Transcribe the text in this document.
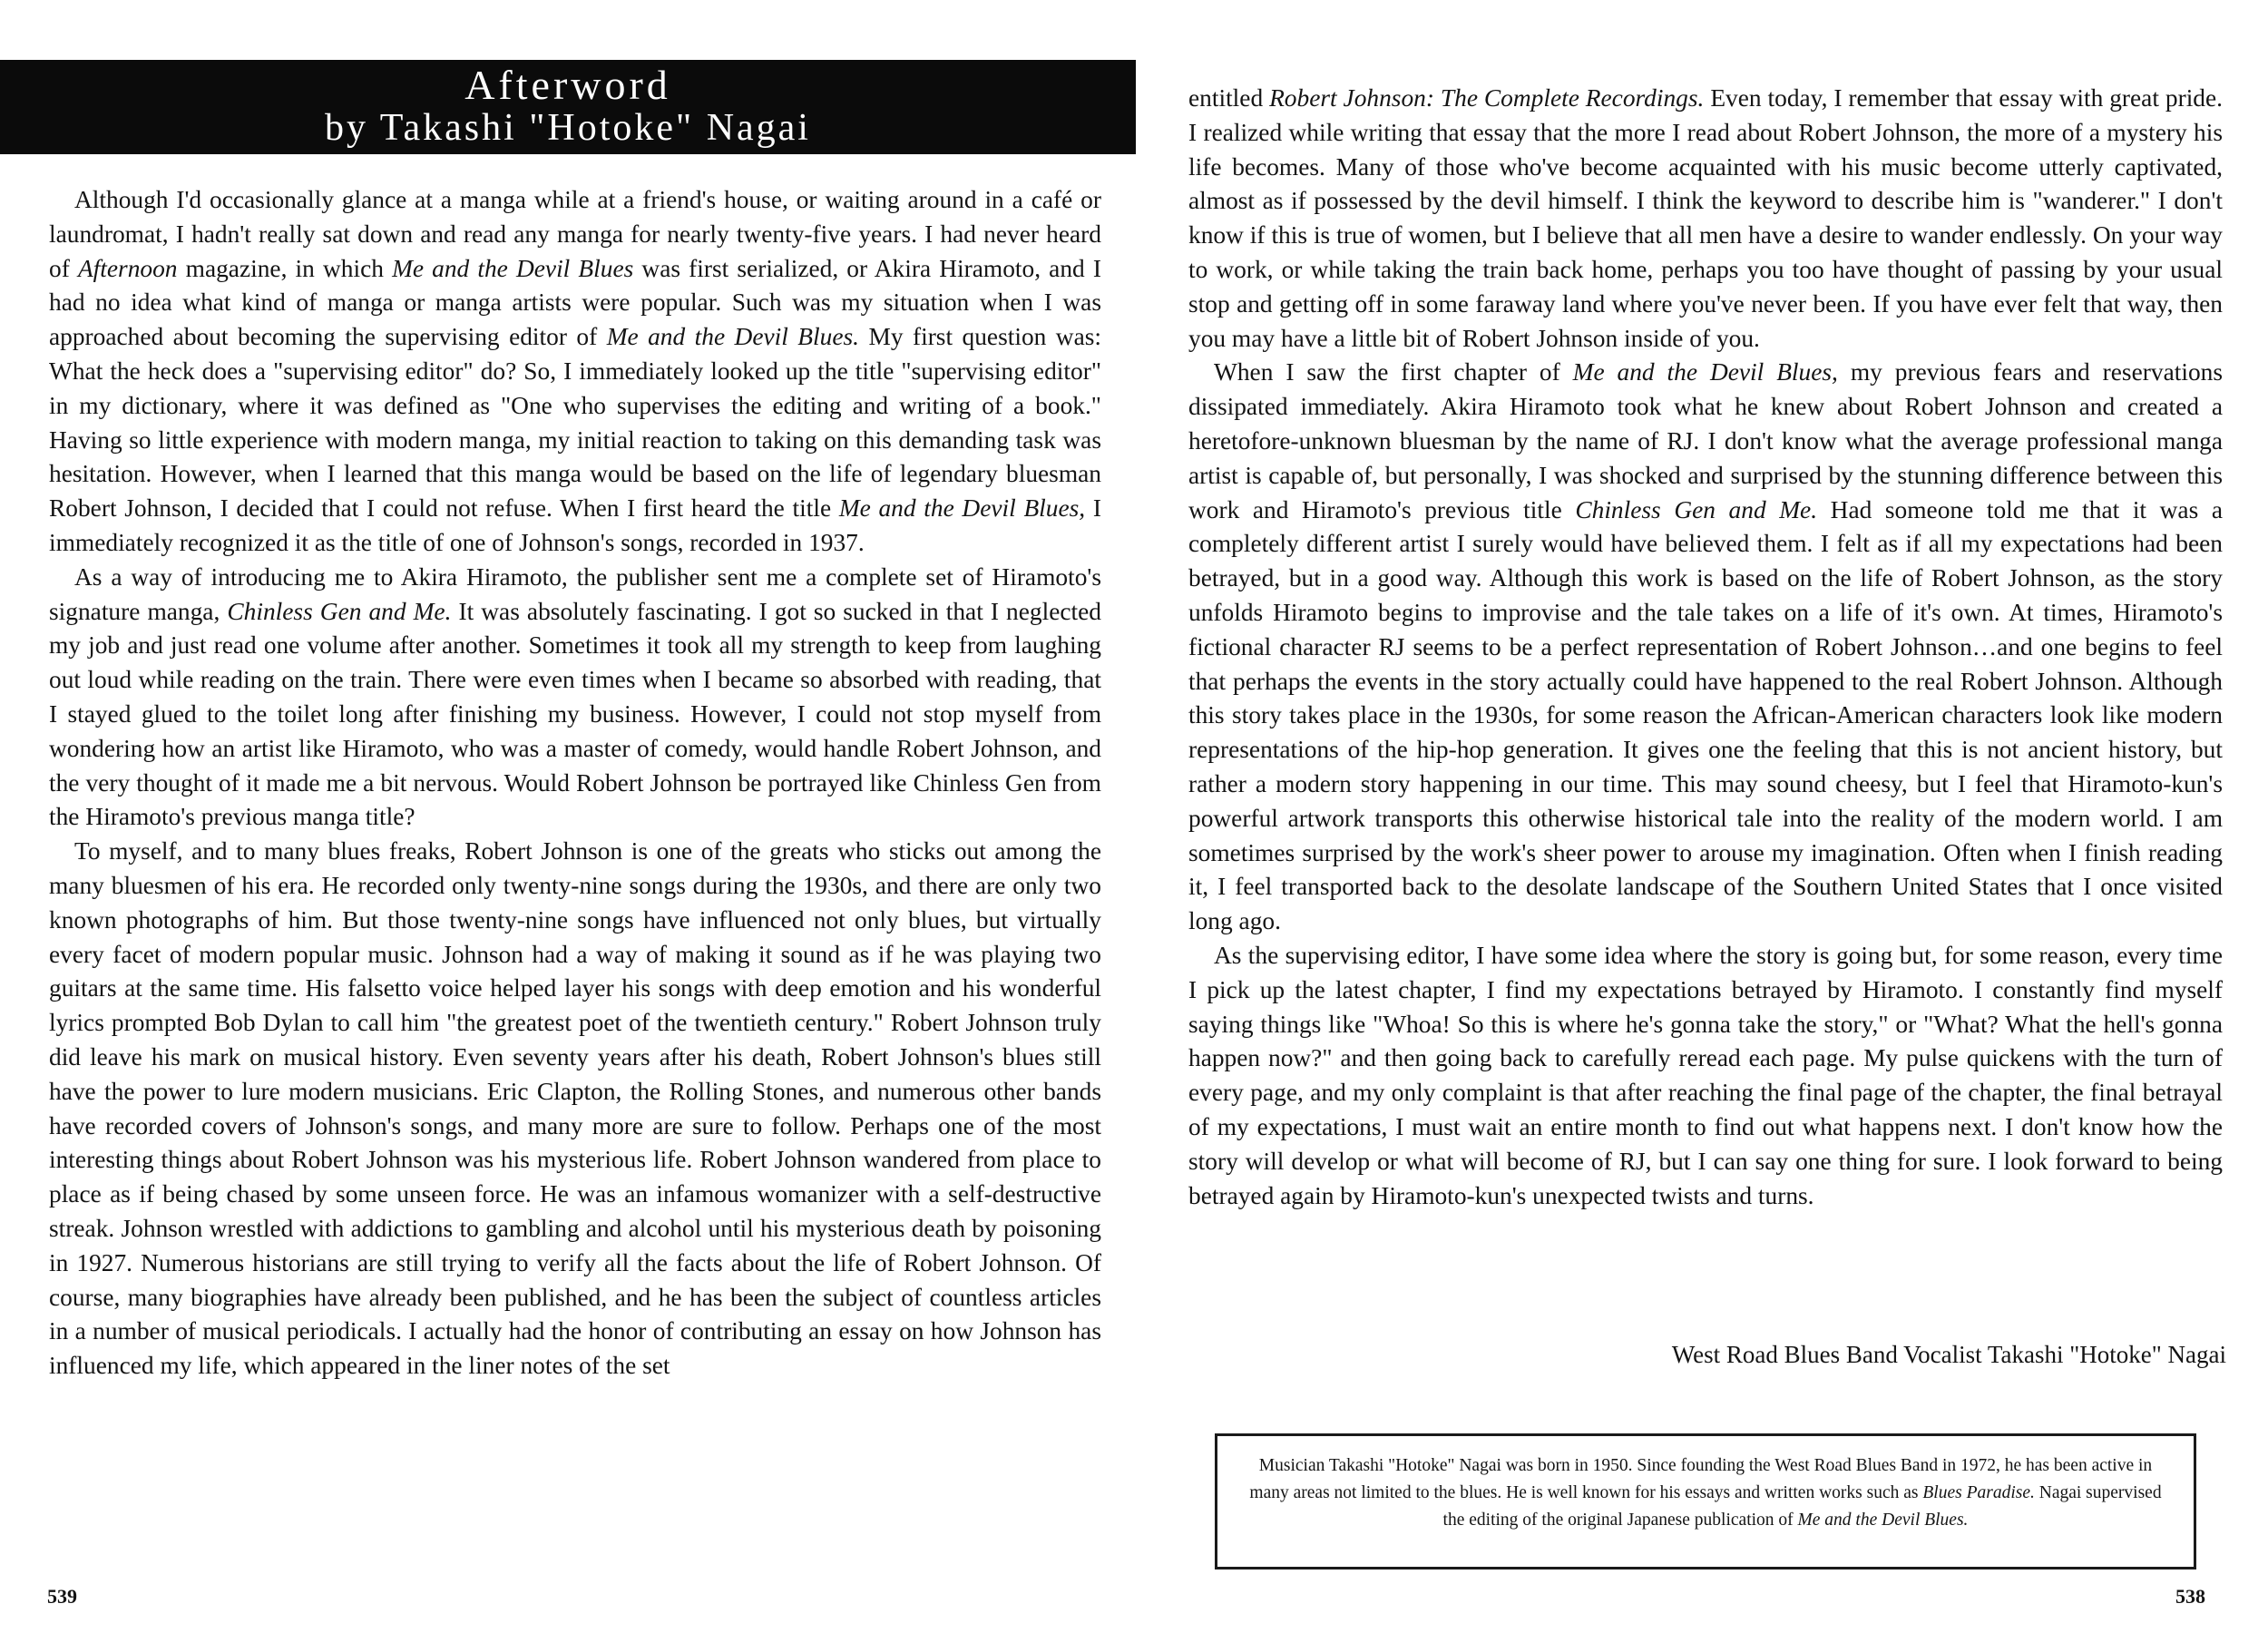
Afterword
by Takashi "Hotoke" Nagai

Although I'd occasionally glance at a manga while at a friend's house, or waiting around in a café or laundromat, I hadn't really sat down and read any manga for nearly twenty-five years. I had never heard of Afternoon magazine, in which Me and the Devil Blues was first serialized, or Akira Hiramoto, and I had no idea what kind of manga or manga artists were popular. Such was my situation when I was approached about becoming the supervising editor of Me and the Devil Blues. My first question was: What the heck does a "supervising editor" do? So, I immediately looked up the title "supervising editor" in my dictionary, where it was defined as "One who supervises the editing and writing of a book." Having so little experience with modern manga, my initial reaction to taking on this demanding task was hesitation. However, when I learned that this manga would be based on the life of legendary bluesman Robert Johnson, I decided that I could not refuse. When I first heard the title Me and the Devil Blues, I immediately recognized it as the title of one of Johnson's songs, recorded in 1937.

As a way of introducing me to Akira Hiramoto, the publisher sent me a complete set of Hiramoto's signature manga, Chinless Gen and Me. It was absolutely fascinating. I got so sucked in that I neglected my job and just read one volume after another. Sometimes it took all my strength to keep from laughing out loud while reading on the train. There were even times when I became so absorbed with reading, that I stayed glued to the toilet long after finishing my business. However, I could not stop myself from wondering how an artist like Hiramoto, who was a master of comedy, would handle Robert Johnson, and the very thought of it made me a bit nervous. Would Robert Johnson be portrayed like Chinless Gen from the Hiramoto's previous manga title?

To myself, and to many blues freaks, Robert Johnson is one of the greats who sticks out among the many bluesmen of his era. He recorded only twenty-nine songs during the 1930s, and there are only two known photographs of him. But those twenty-nine songs have influenced not only blues, but virtually every facet of modern popular music. Johnson had a way of making it sound as if he was playing two guitars at the same time. His falsetto voice helped layer his songs with deep emotion and his wonderful lyrics prompted Bob Dylan to call him "the greatest poet of the twentieth century." Robert Johnson truly did leave his mark on musical history. Even seventy years after his death, Robert Johnson's blues still have the power to lure modern musicians. Eric Clapton, the Rolling Stones, and numerous other bands have recorded covers of Johnson's songs, and many more are sure to follow. Perhaps one of the most interesting things about Robert Johnson was his mysterious life. Robert Johnson wandered from place to place as if being chased by some unseen force. He was an infamous womanizer with a self-destructive streak. Johnson wrestled with addictions to gambling and alcohol until his mysterious death by poisoning in 1927. Numerous historians are still trying to verify all the facts about the life of Robert Johnson. Of course, many biographies have already been published, and he has been the subject of countless articles in a number of musical periodicals. I actually had the honor of contributing an essay on how Johnson has influenced my life, which appeared in the liner notes of the set

539

entitled Robert Johnson: The Complete Recordings. Even today, I remember that essay with great pride. I realized while writing that essay that the more I read about Robert Johnson, the more of a mystery his life becomes. Many of those who've become acquainted with his music become utterly captivated, almost as if possessed by the devil himself. I think the keyword to describe him is "wanderer." I don't know if this is true of women, but I believe that all men have a desire to wander endlessly. On your way to work, or while taking the train back home, perhaps you too have thought of passing by your usual stop and getting off in some faraway land where you've never been. If you have ever felt that way, then you may have a little bit of Robert Johnson inside of you.

When I saw the first chapter of Me and the Devil Blues, my previous fears and reservations dissipated immediately. Akira Hiramoto took what he knew about Robert Johnson and created a heretofore-unknown bluesman by the name of RJ. I don't know what the average professional manga artist is capable of, but personally, I was shocked and surprised by the stunning difference between this work and Hiramoto's previous title Chinless Gen and Me. Had someone told me that it was a completely different artist I surely would have believed them. I felt as if all my expectations had been betrayed, but in a good way. Although this work is based on the life of Robert Johnson, as the story unfolds Hiramoto begins to improvise and the tale takes on a life of it's own. At times, Hiramoto's fictional character RJ seems to be a perfect representation of Robert Johnson…and one begins to feel that perhaps the events in the story actually could have happened to the real Robert Johnson. Although this story takes place in the 1930s, for some reason the African-American characters look like modern representations of the hip-hop generation. It gives one the feeling that this is not ancient history, but rather a modern story happening in our time. This may sound cheesy, but I feel that Hiramoto-kun's powerful artwork transports this otherwise historical tale into the reality of the modern world. I am sometimes surprised by the work's sheer power to arouse my imagination. Often when I finish reading it, I feel transported back to the desolate landscape of the Southern United States that I once visited long ago.

As the supervising editor, I have some idea where the story is going but, for some reason, every time I pick up the latest chapter, I find my expectations betrayed by Hiramoto. I constantly find myself saying things like "Whoa! So this is where he's gonna take the story," or "What? What the hell's gonna happen now?" and then going back to carefully reread each page. My pulse quickens with the turn of every page, and my only complaint is that after reaching the final page of the chapter, the final betrayal of my expectations, I must wait an entire month to find out what happens next. I don't know how the story will develop or what will become of RJ, but I can say one thing for sure. I look forward to being betrayed again by Hiramoto-kun's unexpected twists and turns.

West Road Blues Band Vocalist Takashi "Hotoke" Nagai
Musician Takashi "Hotoke" Nagai was born in 1950. Since founding the West Road Blues Band in 1972, he has been active in many areas not limited to the blues. He is well known for his essays and written works such as Blues Paradise. Nagai supervised the editing of the original Japanese publication of Me and the Devil Blues.
538
